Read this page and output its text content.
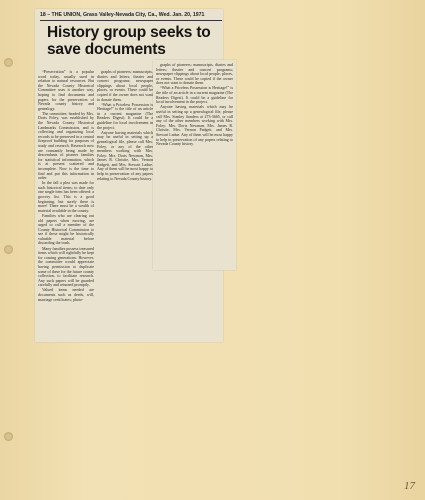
18 – THE UNION, Grass Valley-Nevada City, Ca., Wed. Jan. 20, 1971
History group seeks to save documents

“Preservation” is a popular word today, usually used in relation to natural resources. But the Nevada County Historical Committee uses it another way, hoping to find documents and papers for the preservation of Nevada county history and genealogy.

The committee, headed by Mrs. Doris Foley, was established by the Nevada County Historical Landmarks Commission, and is collecting and organizing local records to be preserved in a central fireproof building for purposes of study and research. Research now are constantly being made by descendants of pioneer families for statistical information, which is at present scattered and incomplete. Now is the time to find and put this information in order.

In the fall a plea was made for such historical items; to date only one single item has been offered: a grocery list. This is a good beginning, but surely there is more! There must be a wealth of material available in the county.

Families who are clearing out old papers when moving, are urged to call a member of the County Historical Commission to see if these might be historically valuable material before discarding the trash.

Many families possess treasured items which will rightfully be kept for coming generations. However, the committee would appreciate having permission to duplicate some of these for the future county collection, to facilitate research. Any such papers will be guarded carefully and returned promptly.

Valued items needed are documents such as deeds, will, marriage certificates; photo-

graphs of pioneers; manuscripts, diaries and letters; theater and concert programs; newspaper clippings about local people, places, or events. These could be copied if the owner does not want to donate them.

“What a Priceless Possession is Heritage!” is the title of an article in a current magazine (The Readers Digest). It could be a guideline for local involvement in the project.

Anyone having materials which may be useful in setting up a genealogical file, please call Mrs. Foley, or any of the other members working with Mrs. Foley: Mrs. Doris Newman, Mrs. James R. Christie, Mrs. Vernon Padgett, and Mrs. Stewart Ladue. Any of them will be most happy to help in preservation of any papers relating to Nevada County history.

graphs of pioneers; manuscripts, diaries and letters; theater and concert programs; newspaper clippings about local people, places, or events. These could be copied if the owner does not want to donate them.

“What a Priceless Possession is Heritage!” is the title of an article in a current magazine (The Readers Digest). It could be a guideline for local involvement in the project.

Anyone having materials which may be useful in setting up a genealogical file, please call Mrs. Stanley Sanders at 273-3665, or call any of the other members working with Mrs. Foley: Mrs. Doris Newman, Mrs. James R. Christie, Mrs. Vernon Padgett, and Mrs. Stewart Ladue. Any of them will be most happy to help in preservation of any papers relating to Nevada County history.

17
